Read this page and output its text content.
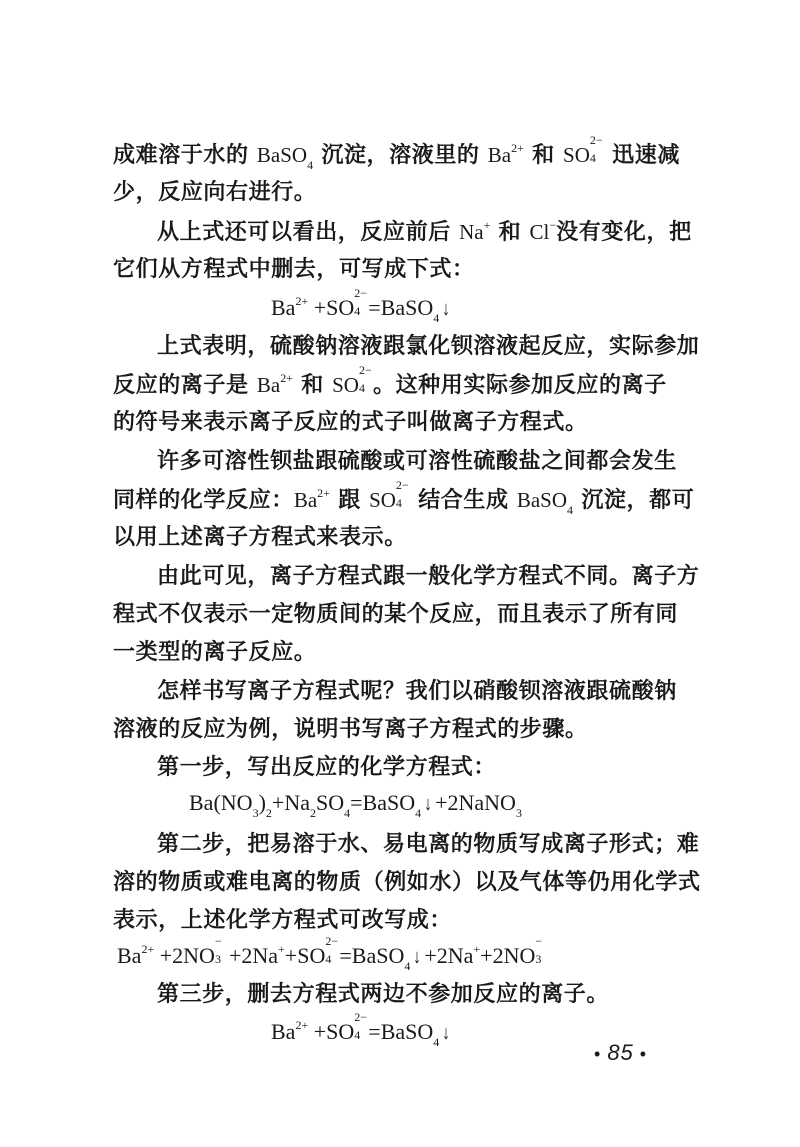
成难溶于水的 BaSO$_4$ 沉淀，溶液里的 $Ba^{2+}$ 和 SO
2−
4 迅速减
少，反应向右进行。
从上式还可以看出，反应前后 Na+ 和 Cl−没有变化，把
它们从方程式中删去，可写成下式：
$Ba^{2+} +SO$
2−
4 =BaSO$_4$ ↓
上式表明，硫酸钠溶液跟氯化钡溶液起反应，实际参加
反应的离子是 $Ba^{2+}$ 和 SO
2−
4 。这种用实际参加反应的离子
的符号来表示离子反应的式子叫做离子方程式。
许多可溶性钡盐跟硫酸或可溶性硫酸盐之间都会发生
同样的化学反应：$Ba^{2+}$ 跟 SO
2−
4 结合生成 BaSO$_4$ 沉淀，都可
以用上述离子方程式来表示。
由此可见，离子方程式跟一般化学方程式不同。离子方
程式不仅表示一定物质间的某个反应，而且表示了所有同
一类型的离子反应。
怎样书写离子方程式呢？我们以硝酸钡溶液跟硫酸钠
溶液的反应为例，说明书写离子方程式的步骤。
第一步，写出反应的化学方程式：
$Ba(NO_3)_2+Na_2SO_4=BaSO_4$ ↓ +2NaNO$_3$
第二步，把易溶于水、易电离的物质写成离子形式；难
溶的物质或难电离的物质（例如水）以及气体等仍用化学式
表示，上述化学方程式可改写成：
$Ba^{2+} +2NO$
−
3 +2Na++SO
2−
4 =BaSO$_4$ ↓ +2Na++2NO
−
3
第三步，删去方程式两边不参加反应的离子。
$Ba^{2+} +SO$
2−
4 =BaSO$_4$ ↓
• 85 •
